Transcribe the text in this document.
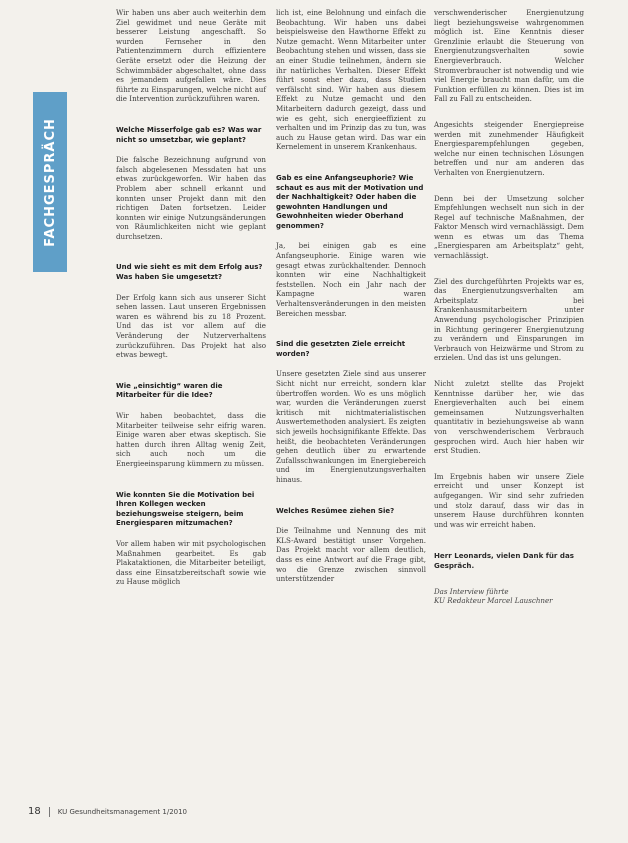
FACHGESPRÄCH

Wir haben uns aber auch weiterhin dem Ziel gewidmet und neue Geräte mit besserer Leistung angeschafft. So wurden Fernseher in den Patientenzimmern durch effizientere Geräte ersetzt oder die Heizung der Schwimmbäder abgeschaltet, ohne dass es jemandem aufgefallen wäre. Dies führte zu Einsparungen, welche nicht auf die Intervention zurückzuführen waren.

Welche Misserfolge gab es? Was war nicht so umsetzbar, wie geplant?

Die falsche Bezeichnung aufgrund von falsch abgelesenen Messdaten hat uns etwas zurückgeworfen. Wir haben das Problem aber schnell erkannt und konnten unser Projekt dann mit den richtigen Daten fortsetzen. Leider konnten wir einige Nutzungsänderungen von Räumlichkeiten nicht wie geplant durchsetzen.

Und wie sieht es mit dem Erfolg aus? Was haben Sie umgesetzt?

Der Erfolg kann sich aus unserer Sicht sehen lassen. Laut unseren Ergebnissen waren es während bis zu 18 Prozent. Und das ist vor allem auf die Veränderung der Nutzerverhaltens zurückzuführen. Das Projekt hat also etwas bewegt.

Wie „einsichtig“ waren die Mitarbeiter für die Idee?

Wir haben beobachtet, dass die Mitarbeiter teilweise sehr eifrig waren. Einige waren aber etwas skeptisch. Sie hatten durch ihren Alltag wenig Zeit, sich auch noch um die Energieeinsparung kümmern zu müssen.

Wie konnten Sie die Motivation bei Ihren Kollegen wecken beziehungsweise steigern, beim Energiesparen mitzumachen?

Vor allem haben wir mit psychologischen Maßnahmen gearbeitet. Es gab Plakataktionen, die Mitarbeiter beteiligt, dass eine Einsatzbereitschaft sowie wie zu Hause möglich

lich ist, eine Belohnung und einfach die Beobachtung. Wir haben uns dabei beispielsweise den Hawthorne Effekt zu Nutze gemacht. Wenn Mitarbeiter unter Beobachtung stehen und wissen, dass sie an einer Studie teilnehmen, ändern sie ihr natürliches Verhalten. Dieser Effekt führt sonst eher dazu, dass Studien verfälscht sind. Wir haben aus diesem Effekt zu Nutze gemacht und den Mitarbeitern dadurch gezeigt, dass und wie es geht, sich energieeffizient zu verhalten und im Prinzip das zu tun, was auch zu Hause getan wird. Das war ein Kernelement in unserem Krankenhaus.

Gab es eine Anfangseuphorie? Wie schaut es aus mit der Motivation und der Nachhaltigkeit? Oder haben die gewohnten Handlungen und Gewohnheiten wieder Oberhand genommen?

Ja, bei einigen gab es eine Anfangseuphorie. Einige waren wie gesagt etwas zurückhaltender. Dennoch konnten wir eine Nachhaltigkeit feststellen. Noch ein Jahr nach der Kampagne waren Verhaltensveränderungen in den meisten Bereichen messbar.

Sind die gesetzten Ziele erreicht worden?

Unsere gesetzten Ziele sind aus unserer Sicht nicht nur erreicht, sondern klar übertroffen worden. Wo es uns möglich war, wurden die Veränderungen zuerst kritisch mit nichtmaterialistischen Auswertemethoden analysiert. Es zeigten sich jeweils hochsignifikante Effekte. Das heißt, die beobachteten Veränderungen gehen deutlich über zu erwartende Zufallsschwankungen im Energiebereich und im Energienutzungsverhalten hinaus.

Welches Resümee ziehen Sie?

Die Teilnahme und Nennung des mit KLS-Award bestätigt unser Vorgehen. Das Projekt macht vor allem deutlich, dass es eine Antwort auf die Frage gibt, wo die Grenze zwischen sinnvoll unterstützender

verschwenderischer Energienutzung liegt beziehungsweise wahrgenommen möglich ist. Eine Kenntnis dieser Grenzlinie erlaubt die Steuerung von Energienutzungsverhalten sowie Energieverbrauch. Welcher Stromverbraucher ist notwendig und wie viel Energie braucht man dafür, um die Funktion erfüllen zu können. Dies ist im Fall zu Fall zu entscheiden.

Angesichts steigender Energiepreise werden mit zunehmender Häufigkeit Energiesparempfehlungen gegeben, welche nur einen technischen Lösungen betreffen und nur am anderen das Verhalten von Energienutzern.

Denn bei der Umsetzung solcher Empfehlungen wechselt nun sich in der Regel auf technische Maßnahmen, der Faktor Mensch wird vernachlässigt. Dem wenn es etwas um das Thema „Energiesparen am Arbeitsplatz“ geht, vernachlässigt.

Ziel des durchgeführten Projekts war es, das Energienutzungsverhalten am Arbeitsplatz bei Krankenhausmitarbeitern unter Anwendung psychologischer Prinzipien in Richtung geringerer Energienutzung zu verändern und Einsparungen im Verbrauch von Heizwärme und Strom zu erzielen. Und das ist uns gelungen.

Nicht zuletzt stellte das Projekt Kenntnisse darüber her, wie das Energieverhalten auch bei einem gemeinsamen Nutzungsverhalten quantitativ in beziehungsweise ab wann von verschwenderischem Verbrauch gesprochen wird. Auch hier haben wir erst Studien.

Im Ergebnis haben wir unsere Ziele erreicht und unser Konzept ist aufgegangen. Wir sind sehr zufrieden und stolz darauf, dass wir das in unserem Hause durchführen konnten und was wir erreicht haben.

Herr Leonards, vielen Dank für das Gespräch.

Das Interview führte

KU Redakteur Marcel Lauschner

18 KU Gesundheitsmanagement 1/2010
